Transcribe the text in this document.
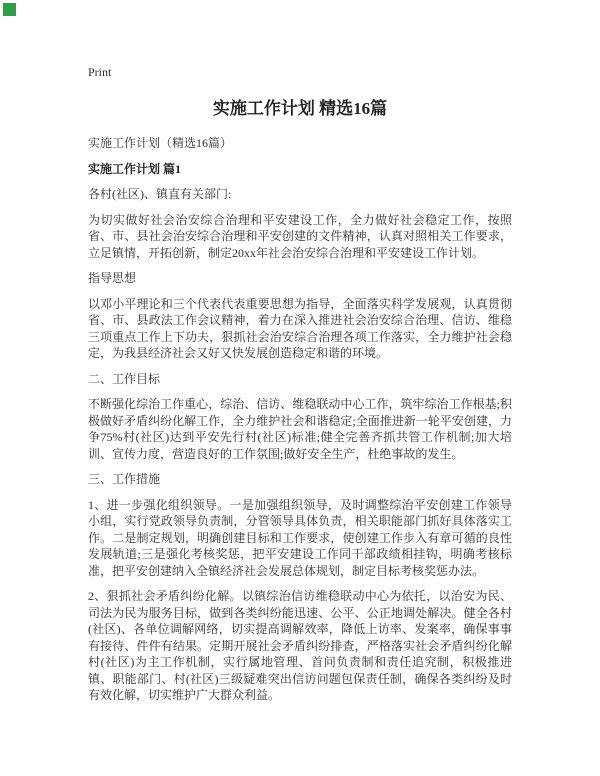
Print
实施工作计划 精选16篇

实施工作计划（精选16篇）

实施工作计划 篇1

各村(社区)、镇直有关部门:

为切实做好社会治安综合治理和平安建设工作，全力做好社会稳定工作，按照省、市、县社会治安综合治理和平安创建的文件精神，认真对照相关工作要求，立足镇情，开拓创新，制定20xx年社会治安综合治理和平安建设工作计划。

指导思想

以邓小平理论和三个代表代表重要思想为指导，全面落实科学发展观，认真贯彻省、市、县政法工作会议精神，着力在深入推进社会治安综合治理、信访、维稳三项重点工作上下功夫，狠抓社会治安综合治理各项工作落实，全力维护社会稳定，为我县经济社会又好又快发展创造稳定和谐的环境。

二、工作目标

不断强化综治工作重心，综治、信访、维稳联动中心工作，筑牢综治工作根基;积极做好矛盾纠纷化解工作，全力维护社会和谐稳定;全面推进新一轮平安创建，力争75%村(社区)达到平安先行村(社区)标准;健全完善齐抓共管工作机制;加大培训、宣传力度，营造良好的工作氛围;做好安全生产，杜绝事故的发生。

三、工作措施

1、进一步强化组织领导。一是加强组织领导，及时调整综治平安创建工作领导小组，实行党政领导负责制，分管领导具体负责，相关职能部门抓好具体落实工作。二是制定规划，明确创建目标和工作要求，使创建工作步入有章可循的良性发展轨道;三是强化考核奖惩，把平安建设工作同干部政绩相挂钩，明确考核标准，把平安创建纳入全镇经济社会发展总体规划，制定目标考核奖惩办法。

2、狠抓社会矛盾纠纷化解。以镇综治信访维稳联动中心为依托，以治安为民、司法为民为服务目标，做到各类纠纷能迅速、公平、公正地调处解决。健全各村(社区)、各单位调解网络，切实提高调解效率，降低上访率、发案率，确保事事有接待、件件有结果。定期开展社会矛盾纠纷排查，严格落实社会矛盾纠纷化解村(社区)为主工作机制，实行属地管理、首问负责制和责任追究制，积极推进镇、职能部门、村(社区)三级疑难突出信访问题包保责任制，确保各类纠纷及时有效化解，切实维护广大群众利益。
